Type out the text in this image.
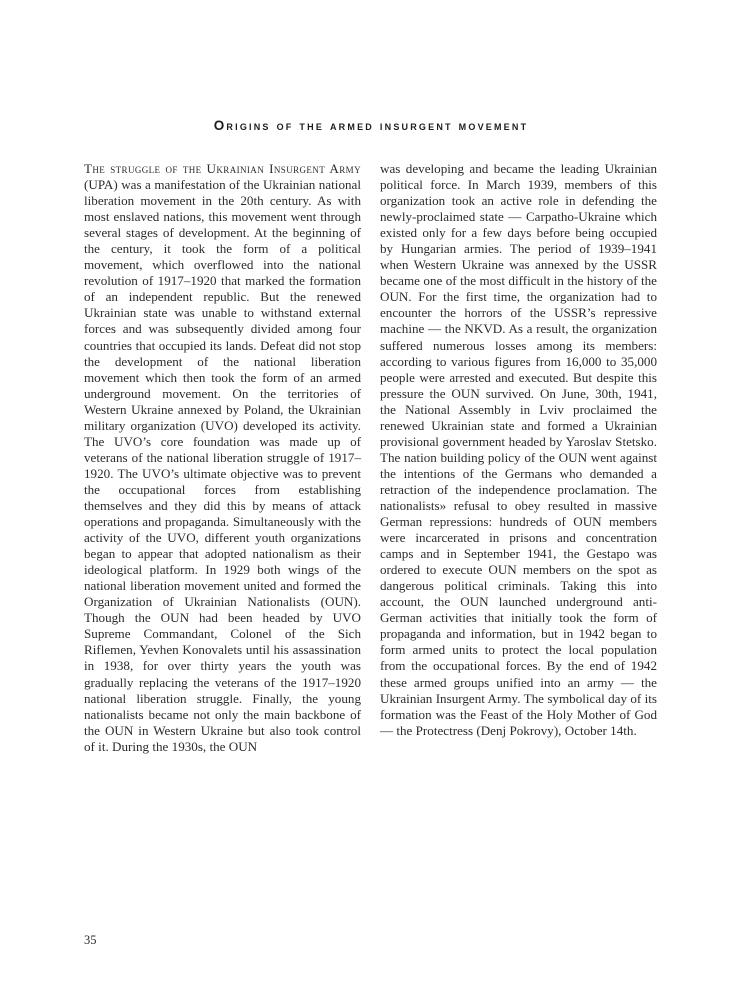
Origins of the armed insurgent movement

The struggle of the Ukrainian Insurgent Army (UPA) was a manifestation of the Ukrainian national liberation movement in the 20th century. As with most enslaved nations, this movement went through several stages of development. At the beginning of the century, it took the form of a political movement, which overflowed into the national revolution of 1917–1920 that marked the formation of an independent republic. But the renewed Ukrainian state was unable to withstand external forces and was subsequently divided among four countries that occupied its lands. Defeat did not stop the development of the national liberation movement which then took the form of an armed underground movement. On the territories of Western Ukraine annexed by Poland, the Ukrainian military organization (UVO) developed its activity. The UVO’s core foundation was made up of veterans of the national liberation struggle of 1917–1920. The UVO’s ultimate objective was to prevent the occupational forces from establishing themselves and they did this by means of attack operations and propaganda. Simultaneously with the activity of the UVO, different youth organizations began to appear that adopted nationalism as their ideological platform. In 1929 both wings of the national liberation movement united and formed the Organization of Ukrainian Nationalists (OUN). Though the OUN had been headed by UVO Supreme Commandant, Colonel of the Sich Riflemen, Yevhen Konovalets until his assassination in 1938, for over thirty years the youth was gradually replacing the veterans of the 1917–1920 national liberation struggle. Finally, the young nationalists became not only the main backbone of the OUN in Western Ukraine but also took control of it. During the 1930s, the OUN

was developing and became the leading Ukrainian political force. In March 1939, members of this organization took an active role in defending the newly-proclaimed state — Carpatho-Ukraine which existed only for a few days before being occupied by Hungarian armies. The period of 1939–1941 when Western Ukraine was annexed by the USSR became one of the most difficult in the history of the OUN. For the first time, the organization had to encounter the horrors of the USSR’s repressive machine — the NKVD. As a result, the organization suffered numerous losses among its members: according to various figures from 16,000 to 35,000 people were arrested and executed. But despite this pressure the OUN survived. On June, 30th, 1941, the National Assembly in Lviv proclaimed the renewed Ukrainian state and formed a Ukrainian provisional government headed by Yaroslav Stetsko. The nation building policy of the OUN went against the intentions of the Germans who demanded a retraction of the independence proclamation. The nationalists» refusal to obey resulted in massive German repressions: hundreds of OUN members were incarcerated in prisons and concentration camps and in September 1941, the Gestapo was ordered to execute OUN members on the spot as dangerous political criminals. Taking this into account, the OUN launched underground anti-German activities that initially took the form of propaganda and information, but in 1942 began to form armed units to protect the local population from the occupational forces. By the end of 1942 these armed groups unified into an army — the Ukrainian Insurgent Army. The symbolical day of its formation was the Feast of the Holy Mother of God — the Protectress (Denj Pokrovy), October 14th.

35
